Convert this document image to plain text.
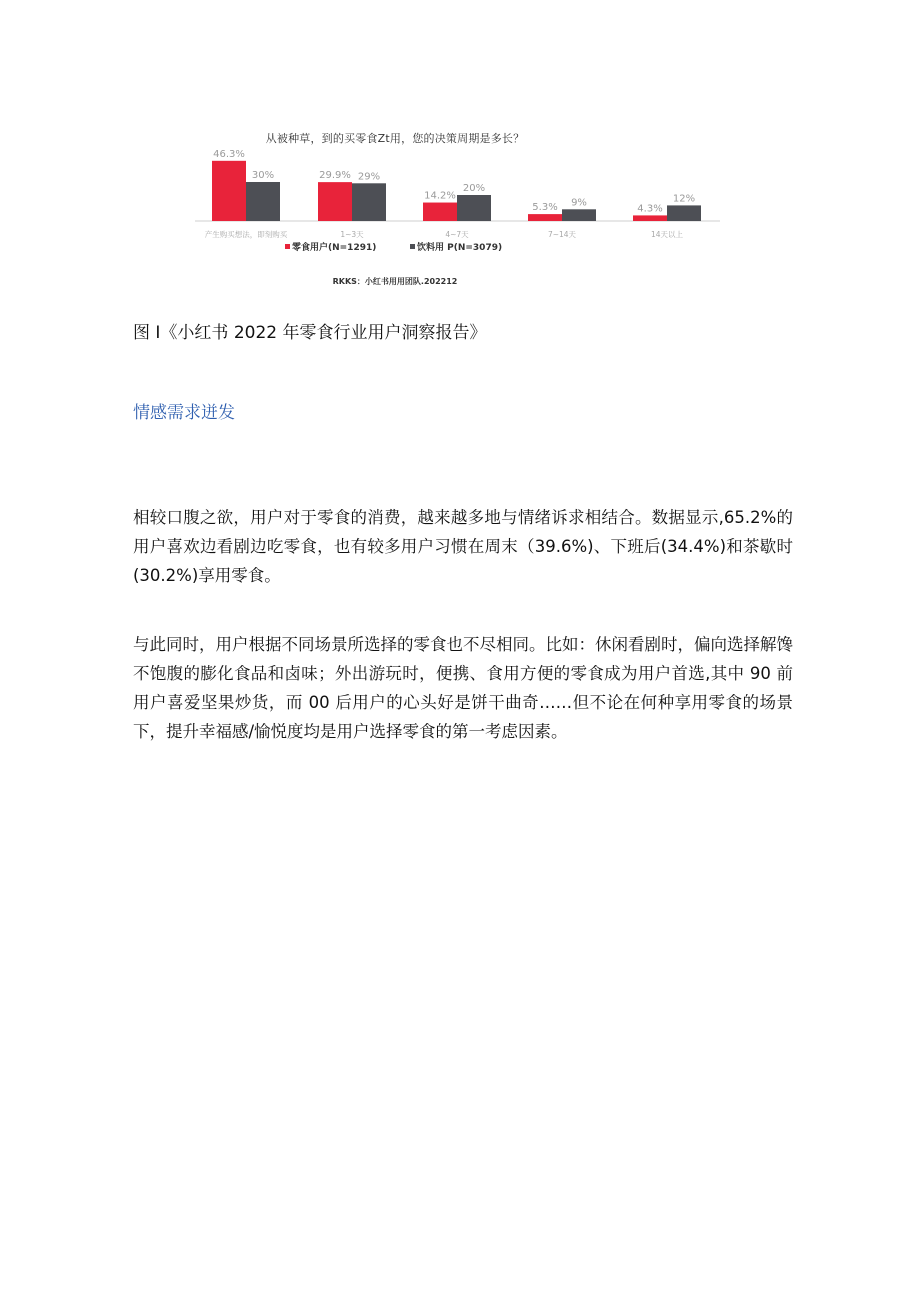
从被种草，到的买零食Zt用，您的决策周期是多长？
46.3%
30%
产生购买想法，即刻购买
29.9% 29%
1~3天
14.2%
20%
4~7天
5.3% 9%
7~14天
4.3%
12%
14天以上
零食用户(N=1291)	饮料用 P(N=3079)
RKKS：小红书用用团队.202212
图 I《小红书 2022 年零食行业用户洞察报告》
情感需求迸发
相较口腹之欲，用户对于零食的消费，越来越多地与情绪诉求相结合。数据显示,65.2%的用户喜欢边看剧边吃零食，也有较多用户习惯在周末（39.6%)、下班后(34.4%)和茶歇时(30.2%)享用零食。
与此同时，用户根据不同场景所选择的零食也不尽相同。比如：休闲看剧时，偏向选择解馋不饱腹的膨化食品和卤味；外出游玩时，便携、食用方便的零食成为用户首选,其中 90 前用户喜爱坚果炒货，而 00 后用户的心头好是饼干曲奇……但不论在何种享用零食的场景下，提升幸福感/愉悦度均是用户选择零食的第一考虑因素。
